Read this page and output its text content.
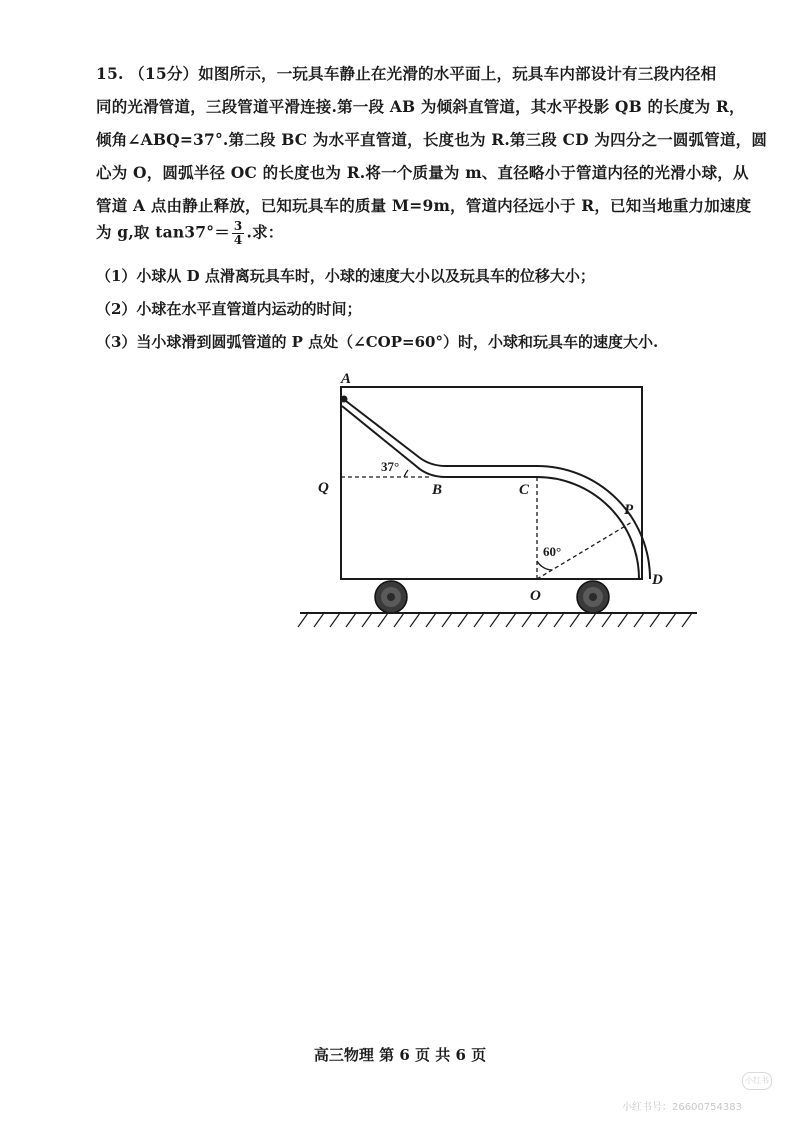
15. （15分）如图所示，一玩具车静止在光滑的水平面上，玩具车内部设计有三段内径相
同的光滑管道，三段管道平滑连接.第一段 AB 为倾斜直管道，其水平投影 QB 的长度为 R，
倾角∠ABQ=37°.第二段 BC 为水平直管道，长度也为 R.第三段 CD 为四分之一圆弧管道，圆
心为 O，圆弧半径 OC 的长度也为 R.将一个质量为 m、直径略小于管道内径的光滑小球，从
管道 A 点由静止释放，已知玩具车的质量 M=9m，管道内径远小于 R，已知当地重力加速度
为 g,取 $\tan 37^\circ= \frac{3}{4}$ .求：
（1）小球从 D 点滑离玩具车时，小球的速度大小以及玩具车的位移大小；
（2）小球在水平直管道内运动的时间；
（3）当小球滑到圆弧管道的 P 点处（∠COP=60°）时，小球和玩具车的速度大小.
A
Q	B	C
P
O
D
37°
60°
高三物理 第 6 页 共 6 页
小红书
小红书号：26600754383
